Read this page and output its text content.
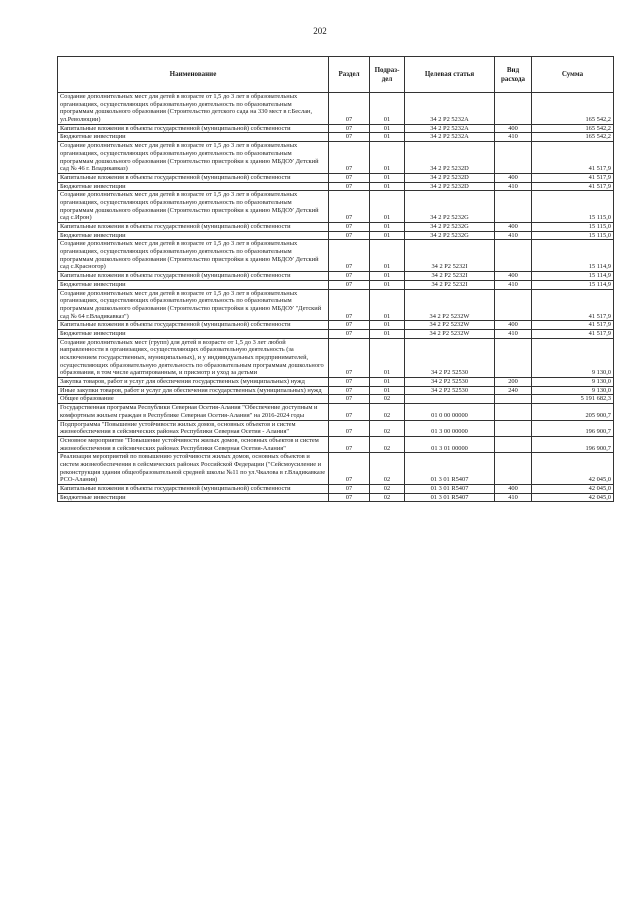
202
Наименование	Раздел	Подраз-дел	Целевая статья	Вид расхода	Сумма
Создание дополнительных мест для детей в возрасте от 1,5 до 3 лет в образовательных организациях, осуществляющих образовательную деятельность по образовательным программам дошкольного образования (Строительство детского сада на 330 мест в г.Беслан, ул.Революции)	07	01	34 2 P2 5232A		165 542,2
Капитальные вложения в объекты государственной (муниципальной) собственности	07	01	34 2 P2 5232A	400	165 542,2
Бюджетные инвестиции	07	01	34 2 P2 5232A	410	165 542,2
Создание дополнительных мест для детей в возрасте от 1,5 до 3 лет в образовательных организациях, осуществляющих образовательную деятельность по образовательным программам дошкольного образования (Строительство пристройки к зданию МБДОУ Детский сад № 46 г. Владикавказ)	07	01	34 2 P2 5232D		41 517,9
Капитальные вложения в объекты государственной (муниципальной) собственности	07	01	34 2 P2 5232D	400	41 517,9
Бюджетные инвестиции	07	01	34 2 P2 5232D	410	41 517,9
Создание дополнительных мест для детей в возрасте от 1,5 до 3 лет в образовательных организациях, осуществляющих образовательную деятельность по образовательным программам дошкольного образования (Строительство пристройки к зданию МБДОУ Детский сад с.Ирон)	07	01	34 2 P2 5232G		15 115,0
Капитальные вложения в объекты государственной (муниципальной) собственности	07	01	34 2 P2 5232G	400	15 115,0
Бюджетные инвестиции	07	01	34 2 P2 5232G	410	15 115,0
Создание дополнительных мест для детей в возрасте от 1,5 до 3 лет в образовательных организациях, осуществляющих образовательную деятельность по образовательным программам дошкольного образования (Строительство пристройки к зданию МБДОУ Детский сад с.Красногор)	07	01	34 2 P2 5232I		15 114,9
Капитальные вложения в объекты государственной (муниципальной) собственности	07	01	34 2 P2 5232I	400	15 114,9
Бюджетные инвестиции	07	01	34 2 P2 5232I	410	15 114,9
Создание дополнительных мест для детей в возрасте от 1,5 до 3 лет в образовательных организациях, осуществляющих образовательную деятельность по образовательным программам дошкольного образования (Строительство пристройки к зданию МБДОУ "Детский сад № 64 г.Владикавказ")	07	01	34 2 P2 5232W		41 517,9
Капитальные вложения в объекты государственной (муниципальной) собственности	07	01	34 2 P2 5232W	400	41 517,9
Бюджетные инвестиции	07	01	34 2 P2 5232W	410	41 517,9
Создание дополнительных мест (групп) для детей в возрасте от 1,5 до 3 лет любой направленности в организациях, осуществляющих образовательную деятельность (за исключением государственных, муниципальных), и у индивидуальных предпринимателей, осуществляющих образовательную деятельность по образовательным программам дошкольного образования, в том числе адаптированным, и присмотр и уход за детьми	07	01	34 2 P2 52530		9 130,0
Закупка товаров, работ и услуг для обеспечения государственных (муниципальных) нужд	07	01	34 2 P2 52530	200	9 130,0
Иные закупки товаров, работ и услуг для обеспечения государственных (муниципальных) нужд	07	01	34 2 P2 52530	240	9 130,0
Общее образование	07	02			5 191 682,3
Государственная программа Республики Северная Осетия-Алания "Обеспечение доступным и комфортным жильем граждан в Республике Северная Осетия-Алания" на 2016-2024 годы	07	02	01 0 00 00000		205 900,7
Подпрограмма "Повышение устойчивости жилых домов, основных объектов и систем жизнеобеспечения в сейсмических районах Республики Северная Осетия - Алания"	07	02	01 3 00 00000		196 900,7
Основное мероприятие "Повышение устойчивости жилых домов, основных объектов и систем жизнеобеспечения в сейсмических районах Республики Северная Осетия-Алания"	07	02	01 3 01 00000		196 900,7
Реализация мероприятий по повышению устойчивости жилых домов, основных объектов и систем жизнеобеспечения в сейсмических районах Российской Федерации ("Сейсмоусиление и реконструкция здания общеобразовательной средней школы №11 по ул.Чкалова в г.Владикавказе РСО-Алания)	07	02	01 3 01 R5407		42 045,0
Капитальные вложения в объекты государственной (муниципальной) собственности	07	02	01 3 01 R5407	400	42 045,0
Бюджетные инвестиции	07	02	01 3 01 R5407	410	42 045,0
